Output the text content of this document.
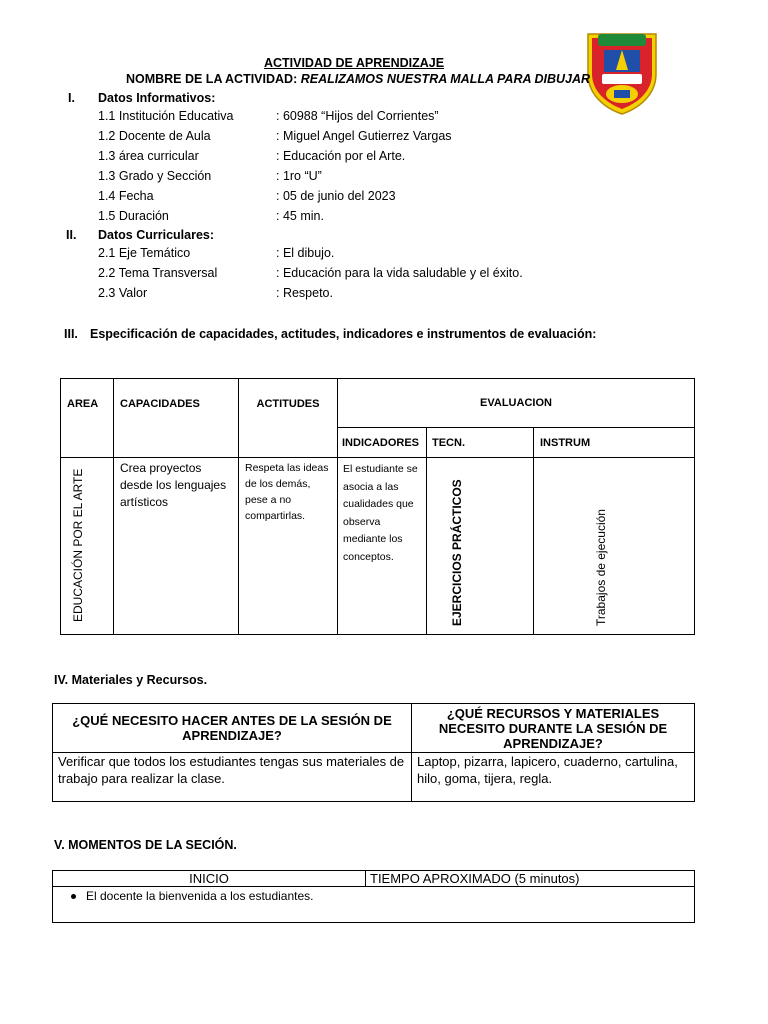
ACTIVIDAD DE APRENDIZAJE
NOMBRE DE LA ACTIVIDAD: REALIZAMOS NUESTRA MALLA PARA DIBUJAR
I. Datos Informativos:
1.1 Institución Educativa	: 60988 “Hijos del Corrientes”
1.2 Docente de Aula	: Miguel Angel Gutierrez Vargas
1.3 área curricular	: Educación por el Arte.
1.3 Grado y Sección	: 1ro “U”
1.4 Fecha	: 05 de junio del 2023
1.5 Duración	: 45 min.
II. Datos Curriculares:
2.1 Eje Temático	: El dibujo.
2.2 Tema Transversal	: Educación para la vida saludable y el éxito.
2.3 Valor	: Respeto.
III. Especificación de capacidades, actitudes, indicadores e instrumentos de evaluación:
AREA	CAPACIDADES	ACTITUDES	EVALUACION		
			INDICADORES	TECN.	INSTRUM

EDUCACIÓN POR EL ARTE	Crea proyectos desde los lenguajes artísticos	Respeta las ideas de los demás, pese a no compartirlas.	El estudiante se asocia a las cualidades que observa mediante los conceptos.	EJERCICIOS PRÁCTICOS	Trabajos de ejecución
IV. Materiales y Recursos.
¿QUÉ NECESITO HACER ANTES DE LA SESIÓN DE APRENDIZAJE?	¿QUÉ RECURSOS Y MATERIALES NECESITO DURANTE LA SESIÓN DE APRENDIZAJE?
Verificar que todos los estudiantes tengas sus materiales de trabajo para realizar la clase.	Laptop, pizarra, lapicero, cuaderno, cartulina, hilo, goma, tijera, regla.
V. MOMENTOS DE LA SECIÓN.
INICIO	TIEMPO APROXIMADO (5 minutos)
El docente la bienvenida a los estudiantes.
